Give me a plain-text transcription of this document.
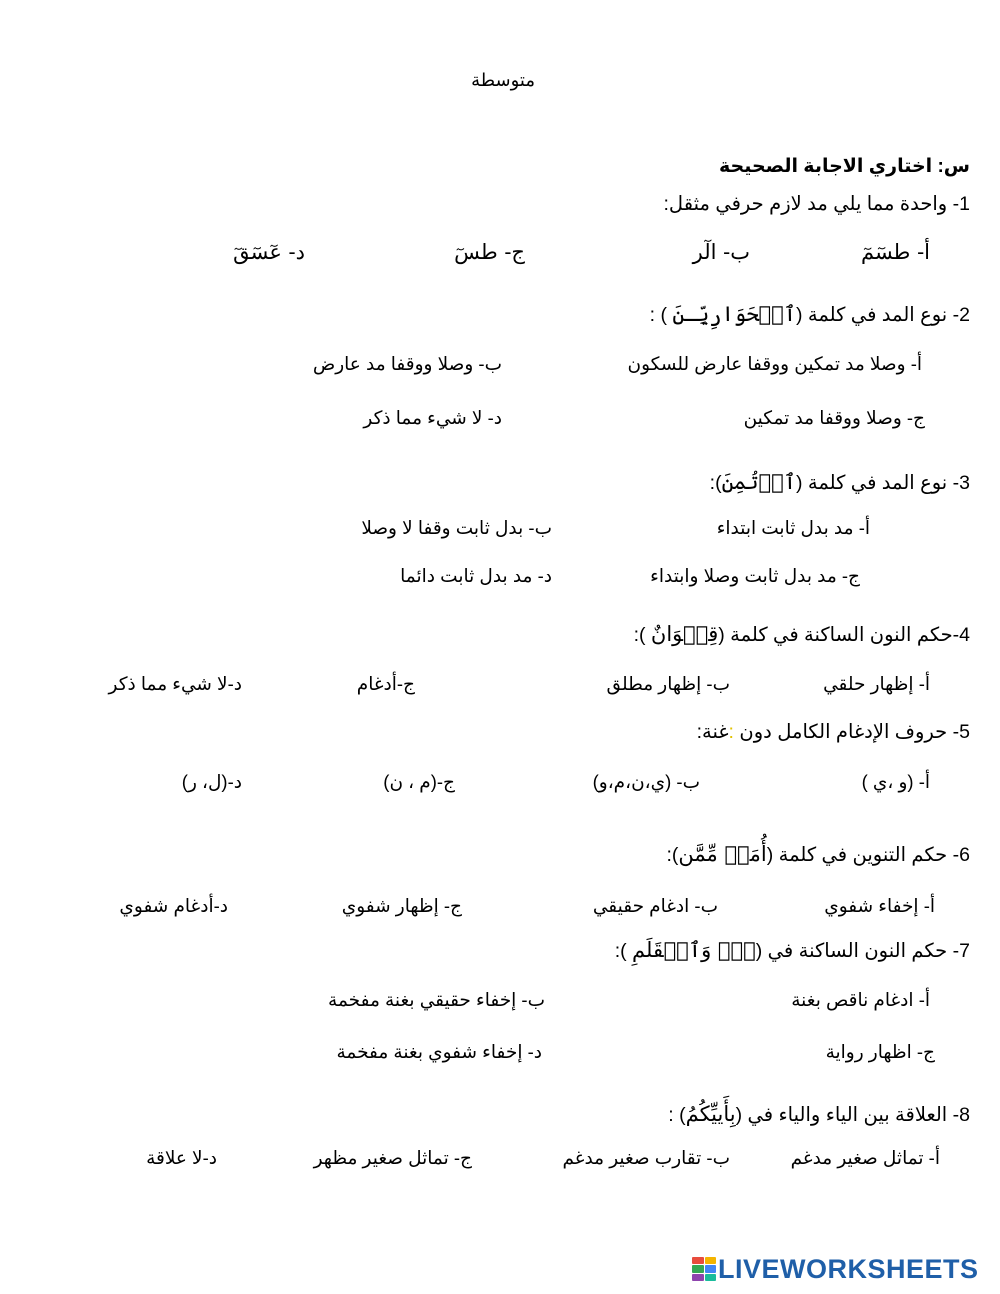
متوسطة
س: اختاري الاجابة الصحيحة
1- واحدة مما يلي مد لازم حرفي مثقل:
أ- طسٓمٓ
ب- الٓر
ج- طسٓ
د- عٓسٓقٓ
2- نوع المد في كلمة (ٱلۡحَوَارِيِّـنَ ) :
أ- وصلا مد تمكين ووقفا عارض للسكون
ب- وصلا ووقفا مد عارض
ج- وصلا ووقفا مد تمكين
د- لا شيء مما ذكر
3- نوع المد في كلمة (ٱؤۡتُمِنَ):
أ- مد بدل ثابت ابتداء
ب- بدل ثابت وقفا لا وصلا
ج- مد بدل ثابت وصلا وابتداء
د- مد بدل ثابت دائما
4-حكم النون الساكنة في كلمة (قِنۡوَانٌ ):
أ- إظهار حلقي
ب- إظهار مطلق
ج-أدغام
د-لا شيء مما ذكر
5- حروف الإدغام الكامل دون :غنة:
أ- (و ،ي )
ب- (ي،ن،م،و)
ج-(م ، ن)
د-(ل، ر)
6- حكم التنوين في كلمة (أُمَمٖ مِّمَّن):
أ- إخفاء شفوي
ب- ادغام حقيقي
ج- إظهار شفوي
د-أدغام شفوي
7- حكم النون الساكنة في (نٓۚ وَٱلۡقَلَمِ ):
أ- ادغام ناقص بغنة
ب- إخفاء حقيقي بغنة مفخمة
ج- اظهار رواية
د- إخفاء شفوي بغنة مفخمة
8- العلاقة بين الياء والياء في (بِأَييِّكُمُ) :
أ- تماثل صغير مدغم
ب- تقارب صغير مدغم
ج- تماثل صغير مظهر
د-لا علاقة
LIVEWORKSHEETS
